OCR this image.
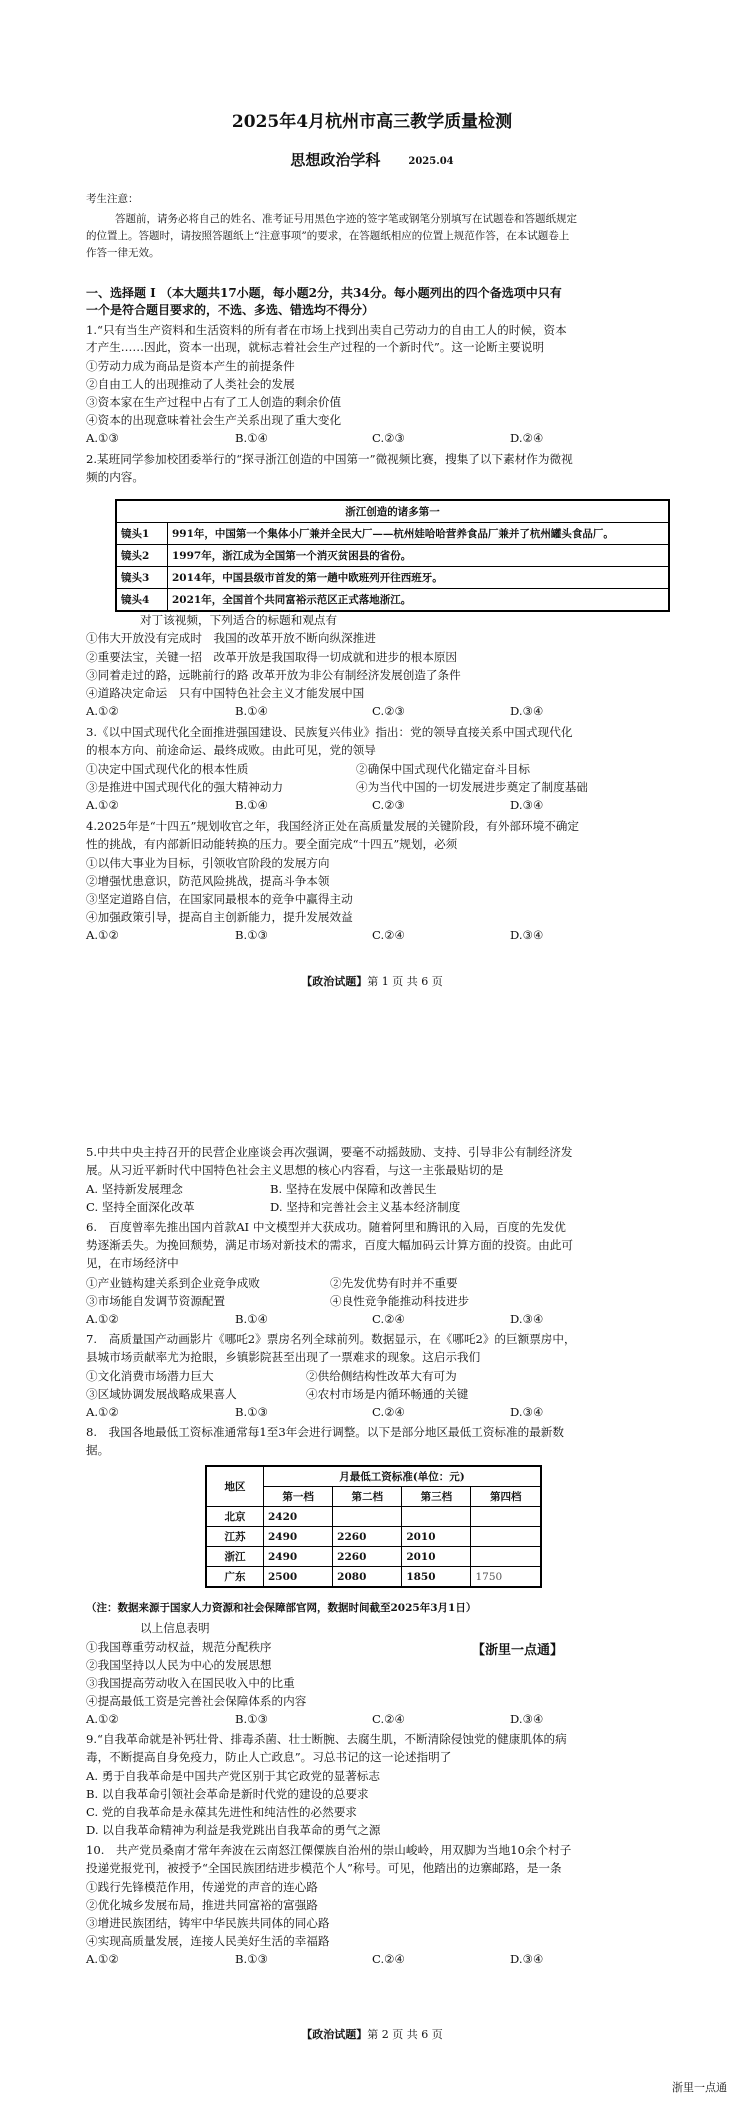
2025年4月杭州市高三教学质量检测
思想政治学科	2025.04
考生注意：
答题前，请务必将自己的姓名、准考证号用黑色字迹的签字笔或钢笔分别填写在试题卷和答题纸规定
的位置上。答题时，请按照答题纸上“注意事项”的要求，在答题纸相应的位置上规范作答，在本试题卷上
作答一律无效。
一、选择题 Ⅰ （本大题共17小题，每小题2分，共34分。每小题列出的四个备选项中只有
一个是符合题目要求的，不选、多选、错选均不得分）
1.“只有当生产资料和生活资料的所有者在市场上找到出卖自己劳动力的自由工人的时候，资本
才产生……因此，资本一出现，就标志着社会生产过程的一个新时代”。这一论断主要说明
①劳动力成为商品是资本产生的前提条件
②自由工人的出现推动了人类社会的发展
③资本家在生产过程中占有了工人创造的剩余价值
④资本的出现意味着社会生产关系出现了重大变化
A.①③	B.①④	C.②③	D.②④
2.某班同学参加校团委举行的“探寻浙江创造的中国第一”微视频比赛，搜集了以下素材作为微视
频的内容。
浙江创造的诸多第一	
镜头1	991年，中国第一个集体小厂兼并全民大厂——杭州娃哈哈营养食品厂兼并了杭州罐头食品厂。
镜头2	1997年，浙江成为全国第一个消灭贫困县的省份。
镜头3	2014年，中国县级市首发的第一趟中欧班列开往西班牙。
镜头4	2021年，全国首个共同富裕示范区正式落地浙江。
对丁该视频，下列适合的标题和观点有
①伟大开放没有完成时　我国的改革开放不断向纵深推进
②重要法宝，关键一招　改革开放是我国取得一切成就和进步的根本原因
③同着走过的路，远眺前行的路 改革开放为非公有制经济发展创造了条件
④道路决定命运　只有中国特色社会主义才能发展中国
A.①②	B.①④	C.②③	D.③④
3.《以中国式现代化全面推进强国建设、民族复兴伟业》指出：党的领导直接关系中国式现代化
的根本方向、前途命运、最终成败。由此可见，党的领导
①决定中国式现代化的根本性质	②确保中国式现代化锚定奋斗目标
③是推进中国式现代化的强大精神动力	④为当代中国的一切发展进步奠定了制度基础
A.①②	B.①④	C.②③	D.③④
4.2025年是“十四五”规划收官之年，我国经济正处在高质量发展的关键阶段，有外部环境不确定
性的挑战，有内部新旧动能转换的压力。要全面完成“十四五”规划，必须
①以伟大事业为目标，引领收官阶段的发展方向
②增强忧患意识，防范风险挑战，提高斗争本领
③坚定道路自信，在国家同最根本的竞争中赢得主动
④加强政策引导，提高自主创新能力，提升发展效益
A.①②	B.①③	C.②④	D.③④
【政治试题】第 1 页 共 6 页
5.中共中央主持召开的民营企业座谈会再次强调，要毫不动摇鼓励、支持、引导非公有制经济发
展。从习近平新时代中国特色社会主义思想的核心内容看，与这一主张最贴切的是
A. 坚持新发展理念	B. 坚持在发展中保障和改善民生
C. 坚持全面深化改革	D. 坚持和完善社会主义基本经济制度
6.　百度曾率先推出国内首款AI 中文模型并大获成功。随着阿里和腾讯的入局，百度的先发优
势逐渐丢失。为挽回颓势，满足市场对新技术的需求，百度大幅加码云计算方面的投资。由此可
见，在市场经济中
①产业链构建关系到企业竞争成败	②先发优势有时并不重要
③市场能自发调节资源配置	④良性竞争能推动科技进步
A.①②	B.①④	C.②④	D.③④
7.　高质量国产动画影片《哪吒2》票房名列全球前列。数据显示，在《哪吒2》的巨额票房中，
县城市场贡献率尤为抢眼，乡镇影院甚至出现了一票难求的现象。这启示我们
①文化消费市场潜力巨大	②供给侧结构性改革大有可为
③区域协调发展战略成果喜人	④农村市场是内循环畅通的关键
A.①②	B.①③	C.②④	D.③④
8.　我国各地最低工资标准通常每1至3年会进行调整。以下是部分地区最低工资标准的最新数
据。
地区	月最低工资标准(单位：元)			
	第一档	第二档	第三档	第四档
北京	2420			
江苏	2490	2260	2010	
浙江	2490	2260	2010	
广东	2500	2080	1850	1750
（注：数据来源于国家人力资源和社会保障部官网，数据时间截至2025年3月1日）
以上信息表明
①我国尊重劳动权益，规范分配秩序	【浙里一点通】
②我国坚持以人民为中心的发展思想
③我国提高劳动收入在国民收入中的比重
④提高最低工资是完善社会保障体系的内容
A.①②	B.①③	C.②④	D.③④
9.“自我革命就是补钙壮骨、排毒杀菌、壮士断腕、去腐生肌，不断清除侵蚀党的健康肌体的病
毒，不断提高自身免疫力，防止人亡政息”。习总书记的这一论述指明了
A. 勇于自我革命是中国共产党区别于其它政党的显著标志
B. 以自我革命引领社会革命是新时代党的建设的总要求
C. 党的自我革命是永葆其先进性和纯洁性的必然要求
D. 以自我革命精神为利益是我党跳出自我革命的勇气之源
10.　共产党员桑南才常年奔波在云南怒江傈僳族自治州的崇山峻岭，用双脚为当地10余个村子
投递党报党刊，被授予“全国民族团结进步模范个人”称号。可见，他踏出的边寨邮路，是一条
①践行先锋模范作用，传递党的声音的连心路
②优化城乡发展布局，推进共同富裕的富强路
③增进民族团结，铸牢中华民族共同体的同心路
④实现高质量发展，连接人民美好生活的幸福路
A.①②	B.①③	C.②④	D.③④
【政治试题】第 2 页 共 6 页
浙里一点通
